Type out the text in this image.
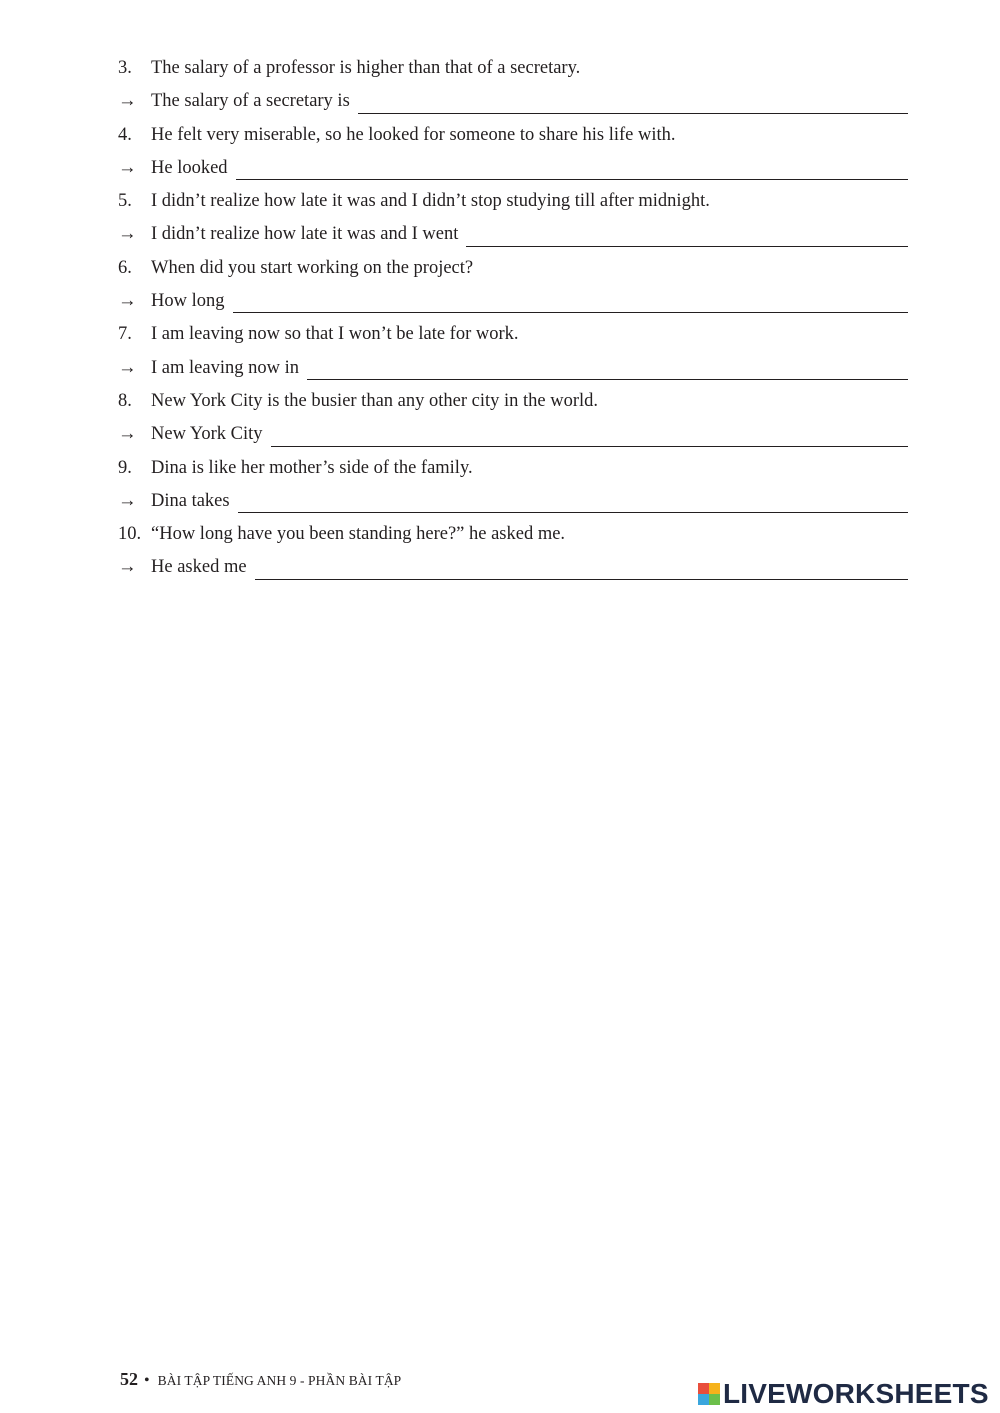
3.	The salary of a professor is higher than that of a secretary.
→ The salary of a secretary is
4.	He felt very miserable, so he looked for someone to share his life with.
→ He looked
5.	I didn’t realize how late it was and I didn’t stop studying till after midnight.
→ I didn’t realize how late it was and I went
6.	When did you start working on the project?
→ How long
7.	I am leaving now so that I won’t be late for work.
→ I am leaving now in
8.	New York City is the busier than any other city in the world.
→ New York City
9.	Dina is like her mother’s side of the family.
→ Dina takes
10. “How long have you been standing here?” he asked me.
→ He asked me
52 • BÀI TẬP TIẾNG ANH 9 - PHẦN BÀI TẬP	LIVEWORKSHEETS
